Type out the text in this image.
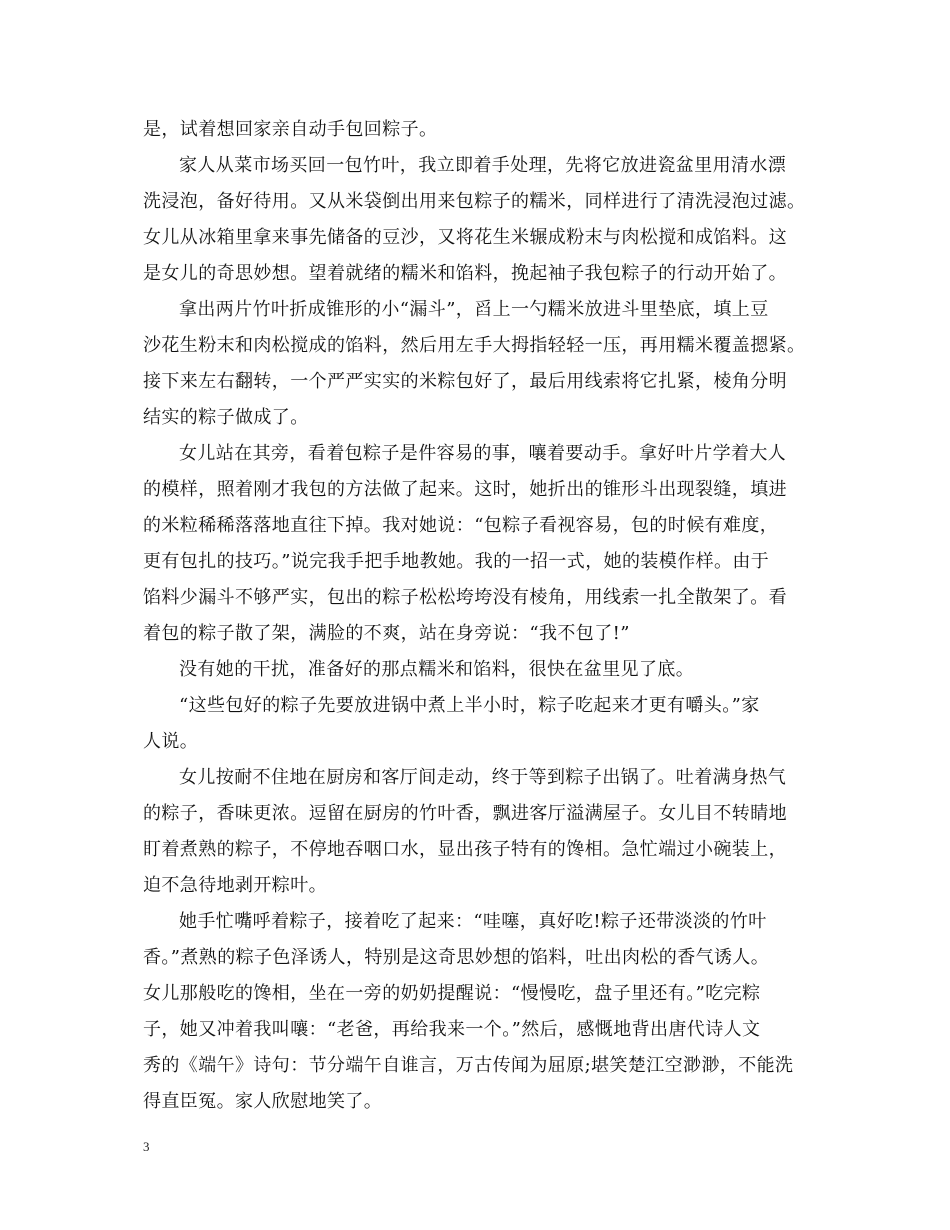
是，试着想回家亲自动手包回粽子。
家人从菜市场买回一包竹叶，我立即着手处理，先将它放进瓷盆里用清水漂
洗浸泡，备好待用。又从米袋倒出用来包粽子的糯米，同样进行了清洗浸泡过滤。
女儿从冰箱里拿来事先储备的豆沙，又将花生米辗成粉末与肉松搅和成馅料。这
是女儿的奇思妙想。望着就绪的糯米和馅料，挽起袖子我包粽子的行动开始了。
拿出两片竹叶折成锥形的小“漏斗”，舀上一勺糯米放进斗里垫底，填上豆
沙花生粉末和肉松搅成的馅料，然后用左手大拇指轻轻一压，再用糯米覆盖摁紧。
接下来左右翻转，一个严严实实的米粽包好了，最后用线索将它扎紧，棱角分明
结实的粽子做成了。
女儿站在其旁，看着包粽子是件容易的事，嚷着要动手。拿好叶片学着大人
的模样，照着刚才我包的方法做了起来。这时，她折出的锥形斗出现裂缝，填进
的米粒稀稀落落地直往下掉。我对她说：“包粽子看视容易，包的时候有难度，
更有包扎的技巧。”说完我手把手地教她。我的一招一式，她的装模作样。由于
馅料少漏斗不够严实，包出的粽子松松垮垮没有棱角，用线索一扎全散架了。看
着包的粽子散了架，满脸的不爽，站在身旁说：“我不包了!”
没有她的干扰，准备好的那点糯米和馅料，很快在盆里见了底。
“这些包好的粽子先要放进锅中煮上半小时，粽子吃起来才更有嚼头。”家
人说。
女儿按耐不住地在厨房和客厅间走动，终于等到粽子出锅了。吐着满身热气
的粽子，香味更浓。逗留在厨房的竹叶香，飘进客厅溢满屋子。女儿目不转睛地
盯着煮熟的粽子，不停地吞咽口水，显出孩子特有的馋相。急忙端过小碗装上，
迫不急待地剥开粽叶。
她手忙嘴呼着粽子，接着吃了起来：“哇噻，真好吃!粽子还带淡淡的竹叶
香。”煮熟的粽子色泽诱人，特别是这奇思妙想的馅料，吐出肉松的香气诱人。
女儿那般吃的馋相，坐在一旁的奶奶提醒说：“慢慢吃，盘子里还有。”吃完粽
子，她又冲着我叫嚷：“老爸，再给我来一个。”然后，感慨地背出唐代诗人文
秀的《端午》诗句：节分端午自谁言，万古传闻为屈原;堪笑楚江空渺渺，不能洗
得直臣冤。家人欣慰地笑了。
3
